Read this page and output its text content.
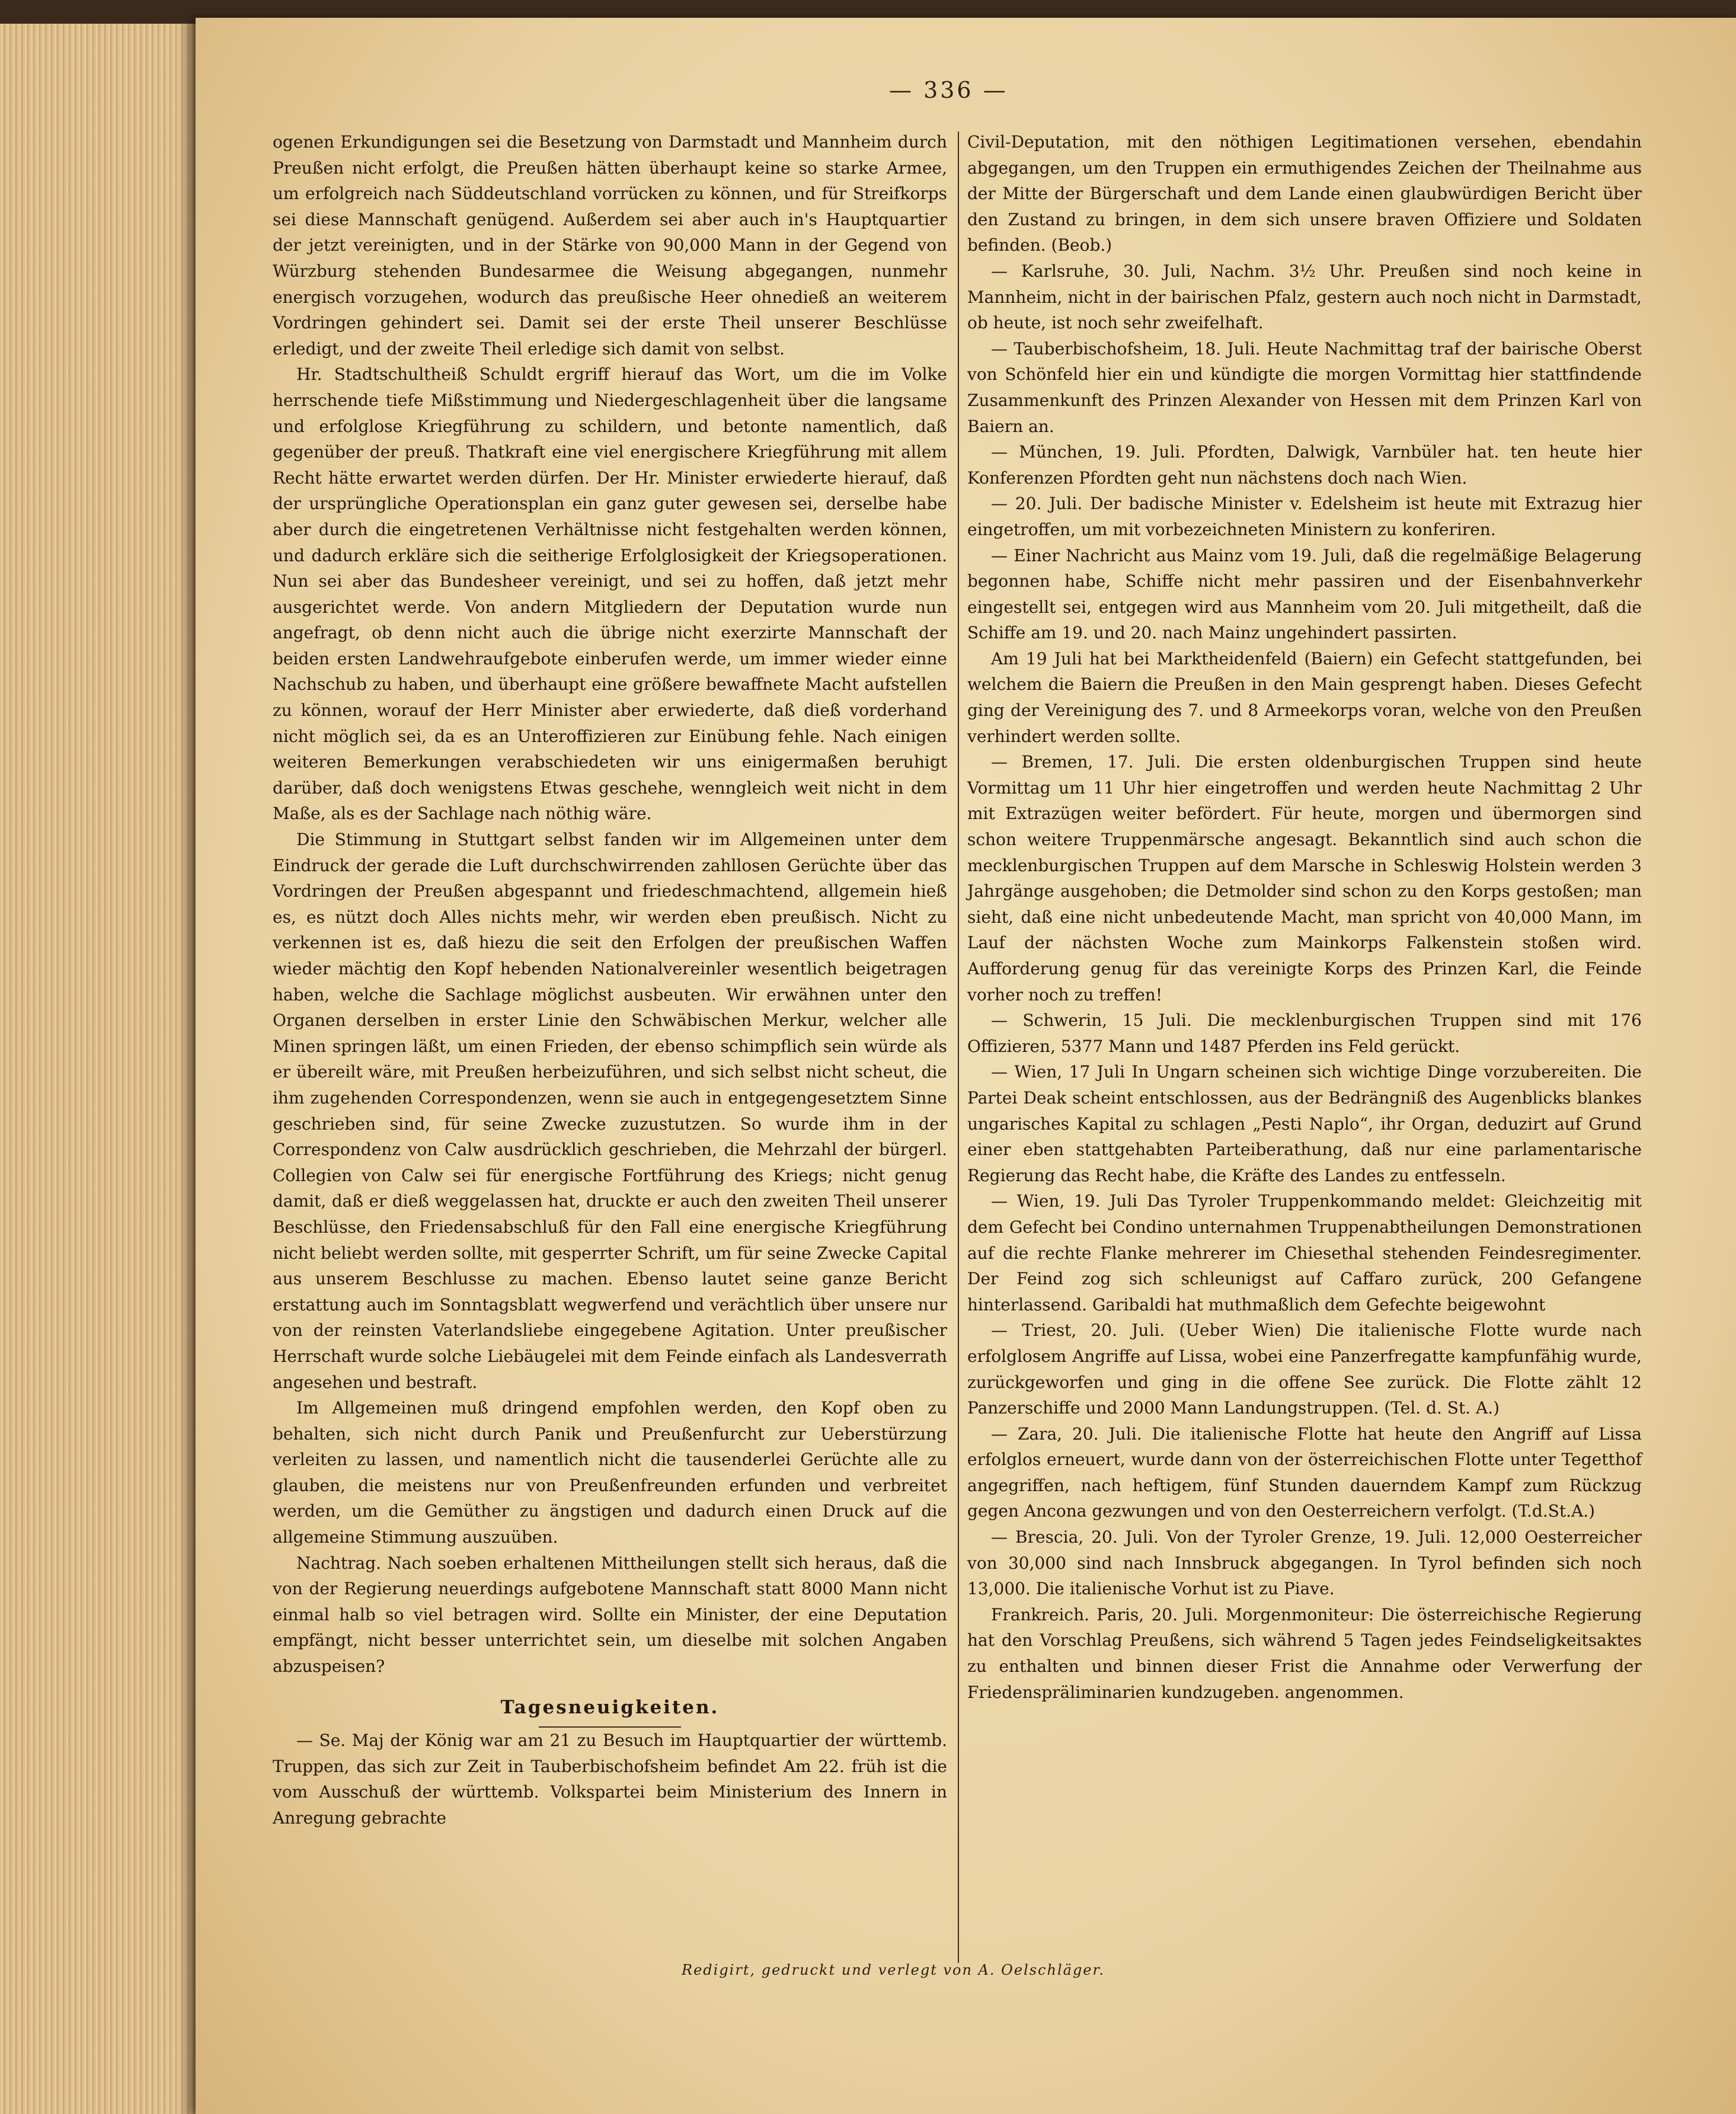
— 336 —

ogenen Erkundigungen sei die Besetzung von Darmstadt und Mannheim durch Preußen nicht erfolgt, die Preußen hätten überhaupt keine so starke Armee, um erfolgreich nach Süddeutschland vorrücken zu können, und für Streifkorps sei diese Mannschaft genügend. Außerdem sei aber auch in's Hauptquartier der jetzt vereinigten, und in der Stärke von 90,000 Mann in der Gegend von Würzburg stehenden Bundesarmee die Weisung abgegangen, nunmehr energisch vorzugehen, wodurch das preußische Heer ohnedieß an weiterem Vordringen gehindert sei. Damit sei der erste Theil unserer Beschlüsse erledigt, und der zweite Theil erledige sich damit von selbst.

Hr. Stadtschultheiß Schuldt ergriff hierauf das Wort, um die im Volke herrschende tiefe Mißstimmung und Niedergeschlagenheit über die langsame und erfolglose Kriegführung zu schildern, und betonte namentlich, daß gegenüber der preuß. Thatkraft eine viel energischere Kriegführung mit allem Recht hätte erwartet werden dürfen. Der Hr. Minister erwiederte hierauf, daß der ursprüngliche Operationsplan ein ganz guter gewesen sei, derselbe habe aber durch die eingetretenen Verhältnisse nicht festgehalten werden können, und dadurch erkläre sich die seitherige Erfolglosigkeit der Kriegsoperationen. Nun sei aber das Bundesheer vereinigt, und sei zu hoffen, daß jetzt mehr ausgerichtet werde. Von andern Mitgliedern der Deputation wurde nun angefragt, ob denn nicht auch die übrige nicht exerzirte Mannschaft der beiden ersten Landwehraufgebote einberufen werde, um immer wieder einne Nachschub zu haben, und überhaupt eine größere bewaffnete Macht aufstellen zu können, worauf der Herr Minister aber erwiederte, daß dieß vorderhand nicht möglich sei, da es an Unteroffizieren zur Einübung fehle. Nach einigen weiteren Bemerkungen verabschiedeten wir uns einigermaßen beruhigt darüber, daß doch wenigstens Etwas geschehe, wenngleich weit nicht in dem Maße, als es der Sachlage nach nöthig wäre.

Die Stimmung in Stuttgart selbst fanden wir im Allgemeinen unter dem Eindruck der gerade die Luft durchschwirrenden zahllosen Gerüchte über das Vordringen der Preußen abgespannt und friedeschmachtend, allgemein hieß es, es nützt doch Alles nichts mehr, wir werden eben preußisch. Nicht zu verkennen ist es, daß hiezu die seit den Erfolgen der preußischen Waffen wieder mächtig den Kopf hebenden Nationalvereinler wesentlich beigetragen haben, welche die Sachlage möglichst ausbeuten. Wir erwähnen unter den Organen derselben in erster Linie den Schwäbischen Merkur, welcher alle Minen springen läßt, um einen Frieden, der ebenso schimpflich sein würde als er übereilt wäre, mit Preußen herbeizuführen, und sich selbst nicht scheut, die ihm zugehenden Correspondenzen, wenn sie auch in entgegengesetztem Sinne geschrieben sind, für seine Zwecke zuzustutzen. So wurde ihm in der Correspondenz von Calw ausdrücklich geschrieben, die Mehrzahl der bürgerl. Collegien von Calw sei für energische Fortführung des Kriegs; nicht genug damit, daß er dieß weggelassen hat, druckte er auch den zweiten Theil unserer Beschlüsse, den Friedensabschluß für den Fall eine energische Kriegführung nicht beliebt werden sollte, mit gesperrter Schrift, um für seine Zwecke Capital aus unserem Beschlusse zu machen. Ebenso lautet seine ganze Bericht erstattung auch im Sonntagsblatt wegwerfend und verächtlich über unsere nur von der reinsten Vaterlandsliebe eingegebene Agitation. Unter preußischer Herrschaft wurde solche Liebäugelei mit dem Feinde einfach als Landesverrath angesehen und bestraft.

Im Allgemeinen muß dringend empfohlen werden, den Kopf oben zu behalten, sich nicht durch Panik und Preußenfurcht zur Ueberstürzung verleiten zu lassen, und namentlich nicht die tausenderlei Gerüchte alle zu glauben, die meistens nur von Preußenfreunden erfunden und verbreitet werden, um die Gemüther zu ängstigen und dadurch einen Druck auf die allgemeine Stimmung auszuüben.

Nachtrag. Nach soeben erhaltenen Mittheilungen stellt sich heraus, daß die von der Regierung neuerdings aufgebotene Mannschaft statt 8000 Mann nicht einmal halb so viel betragen wird. Sollte ein Minister, der eine Deputation empfängt, nicht besser unterrichtet sein, um dieselbe mit solchen Angaben abzuspeisen?

Tagesneuigkeiten.

— Se. Maj der König war am 21 zu Besuch im Hauptquartier der württemb. Truppen, das sich zur Zeit in Tauberbischofsheim befindet Am 22. früh ist die vom Ausschuß der württemb. Volkspartei beim Ministerium des Innern in Anregung gebrachte

Civil-Deputation, mit den nöthigen Legitimationen versehen, ebendahin abgegangen, um den Truppen ein ermuthigendes Zeichen der Theilnahme aus der Mitte der Bürgerschaft und dem Lande einen glaubwürdigen Bericht über den Zustand zu bringen, in dem sich unsere braven Offiziere und Soldaten befinden. (Beob.)

— Karlsruhe, 30. Juli, Nachm. 3½ Uhr. Preußen sind noch keine in Mannheim, nicht in der bairischen Pfalz, gestern auch noch nicht in Darmstadt, ob heute, ist noch sehr zweifelhaft.

— Tauberbischofsheim, 18. Juli. Heute Nachmittag traf der bairische Oberst von Schönfeld hier ein und kündigte die morgen Vormittag hier stattfindende Zusammenkunft des Prinzen Alexander von Hessen mit dem Prinzen Karl von Baiern an.

— München, 19. Juli. Pfordten, Dalwigk, Varnbüler hat. ten heute hier Konferenzen Pfordten geht nun nächstens doch nach Wien.

— 20. Juli. Der badische Minister v. Edelsheim ist heute mit Extrazug hier eingetroffen, um mit vorbezeichneten Ministern zu konferiren.

— Einer Nachricht aus Mainz vom 19. Juli, daß die regelmäßige Belagerung begonnen habe, Schiffe nicht mehr passiren und der Eisenbahnverkehr eingestellt sei, entgegen wird aus Mannheim vom 20. Juli mitgetheilt, daß die Schiffe am 19. und 20. nach Mainz ungehindert passirten.

Am 19 Juli hat bei Marktheidenfeld (Baiern) ein Gefecht stattgefunden, bei welchem die Baiern die Preußen in den Main gesprengt haben. Dieses Gefecht ging der Vereinigung des 7. und 8 Armeekorps voran, welche von den Preußen verhindert werden sollte.

— Bremen, 17. Juli. Die ersten oldenburgischen Truppen sind heute Vormittag um 11 Uhr hier eingetroffen und werden heute Nachmittag 2 Uhr mit Extrazügen weiter befördert. Für heute, morgen und übermorgen sind schon weitere Truppenmärsche angesagt. Bekanntlich sind auch schon die mecklenburgischen Truppen auf dem Marsche in Schleswig Holstein werden 3 Jahrgänge ausgehoben; die Detmolder sind schon zu den Korps gestoßen; man sieht, daß eine nicht unbedeutende Macht, man spricht von 40,000 Mann, im Lauf der nächsten Woche zum Mainkorps Falkenstein stoßen wird. Aufforderung genug für das vereinigte Korps des Prinzen Karl, die Feinde vorher noch zu treffen!

— Schwerin, 15 Juli. Die mecklenburgischen Truppen sind mit 176 Offizieren, 5377 Mann und 1487 Pferden ins Feld gerückt.

— Wien, 17 Juli In Ungarn scheinen sich wichtige Dinge vorzubereiten. Die Partei Deak scheint entschlossen, aus der Bedrängniß des Augenblicks blankes ungarisches Kapital zu schlagen „Pesti Naplo“, ihr Organ, deduzirt auf Grund einer eben stattgehabten Parteiberathung, daß nur eine parlamentarische Regierung das Recht habe, die Kräfte des Landes zu entfesseln.

— Wien, 19. Juli Das Tyroler Truppenkommando meldet: Gleichzeitig mit dem Gefecht bei Condino unternahmen Truppenabtheilungen Demonstrationen auf die rechte Flanke mehrerer im Chiesethal stehenden Feindesregimenter. Der Feind zog sich schleunigst auf Caffaro zurück, 200 Gefangene hinterlassend. Garibaldi hat muthmaßlich dem Gefechte beigewohnt

— Triest, 20. Juli. (Ueber Wien) Die italienische Flotte wurde nach erfolglosem Angriffe auf Lissa, wobei eine Panzerfregatte kampfunfähig wurde, zurückgeworfen und ging in die offene See zurück. Die Flotte zählt 12 Panzerschiffe und 2000 Mann Landungstruppen. (Tel. d. St. A.)

— Zara, 20. Juli. Die italienische Flotte hat heute den Angriff auf Lissa erfolglos erneuert, wurde dann von der österreichischen Flotte unter Tegetthof angegriffen, nach heftigem, fünf Stunden dauerndem Kampf zum Rückzug gegen Ancona gezwungen und von den Oesterreichern verfolgt. (T.d.St.A.)

— Brescia, 20. Juli. Von der Tyroler Grenze, 19. Juli. 12,000 Oesterreicher von 30,000 sind nach Innsbruck abgegangen. In Tyrol befinden sich noch 13,000. Die italienische Vorhut ist zu Piave.

Frankreich. Paris, 20. Juli. Morgenmoniteur: Die österreichische Regierung hat den Vorschlag Preußens, sich während 5 Tagen jedes Feindseligkeitsaktes zu enthalten und binnen dieser Frist die Annahme oder Verwerfung der Friedenspräliminarien kundzugeben. angenommen.

Redigirt, gedruckt und verlegt von A. Oelschläger.
